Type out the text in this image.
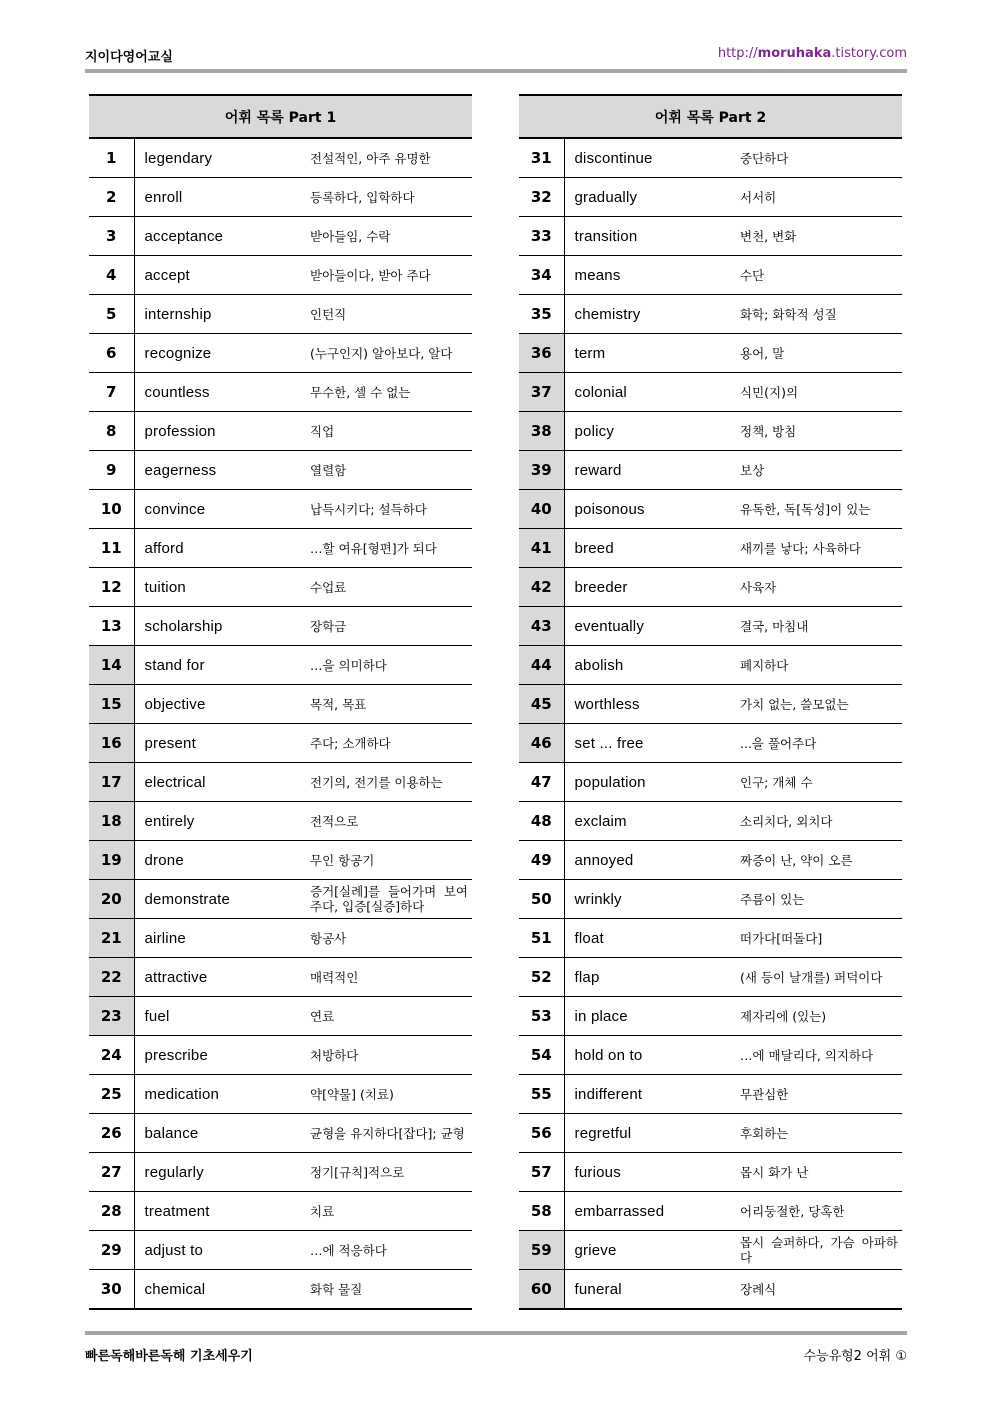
지이다영어교실	http://moruhaka.tistory.com
어휘 목록 Part 1		
1	legendary	전설적인, 아주 유명한
2	enroll	등록하다, 입학하다
3	acceptance	받아들임, 수락
4	accept	받아들이다, 받아 주다
5	internship	인턴직
6	recognize	(누구인지) 알아보다, 알다
7	countless	무수한, 셀 수 없는
8	profession	직업
9	eagerness	열렬함
10	convince	납득시키다; 설득하다
11	afford	…할 여유[형편]가 되다
12	tuition	수업료
13	scholarship	장학금
14	stand for	…을 의미하다
15	objective	목적, 목표
16	present	주다; 소개하다
17	electrical	전기의, 전기를 이용하는
18	entirely	전적으로
19	drone	무인 항공기
20	demonstrate	증거[실례]를 들어가며 보여 주다, 입증[실증]하다
21	airline	항공사
22	attractive	매력적인
23	fuel	연료
24	prescribe	처방하다
25	medication	약[약물] (치료)
26	balance	균형을 유지하다[잡다]; 균형
27	regularly	정기[규칙]적으로
28	treatment	치료
29	adjust to	…에 적응하다
30	chemical	화학 물질
어휘 목록 Part 2		
31	discontinue	중단하다
32	gradually	서서히
33	transition	변천, 변화
34	means	수단
35	chemistry	화학; 화학적 성질
36	term	용어, 말
37	colonial	식민(지)의
38	policy	정책, 방침
39	reward	보상
40	poisonous	유독한, 독[독성]이 있는
41	breed	새끼를 낳다; 사육하다
42	breeder	사육자
43	eventually	결국, 마침내
44	abolish	폐지하다
45	worthless	가치 없는, 쓸모없는
46	set ... free	...을 풀어주다
47	population	인구; 개체 수
48	exclaim	소리치다, 외치다
49	annoyed	짜증이 난, 약이 오른
50	wrinkly	주름이 있는
51	float	떠가다[떠돌다]
52	flap	(새 등이 날개를) 퍼덕이다
53	in place	제자리에 (있는)
54	hold on to	…에 매달리다, 의지하다
55	indifferent	무관심한
56	regretful	후회하는
57	furious	몹시 화가 난
58	embarrassed	어리둥절한, 당혹한
59	grieve	몹시 슬퍼하다, 가슴 아파하다
60	funeral	장례식
빠른독해바른독해 기초세우기	수능유형2 어휘 ①
